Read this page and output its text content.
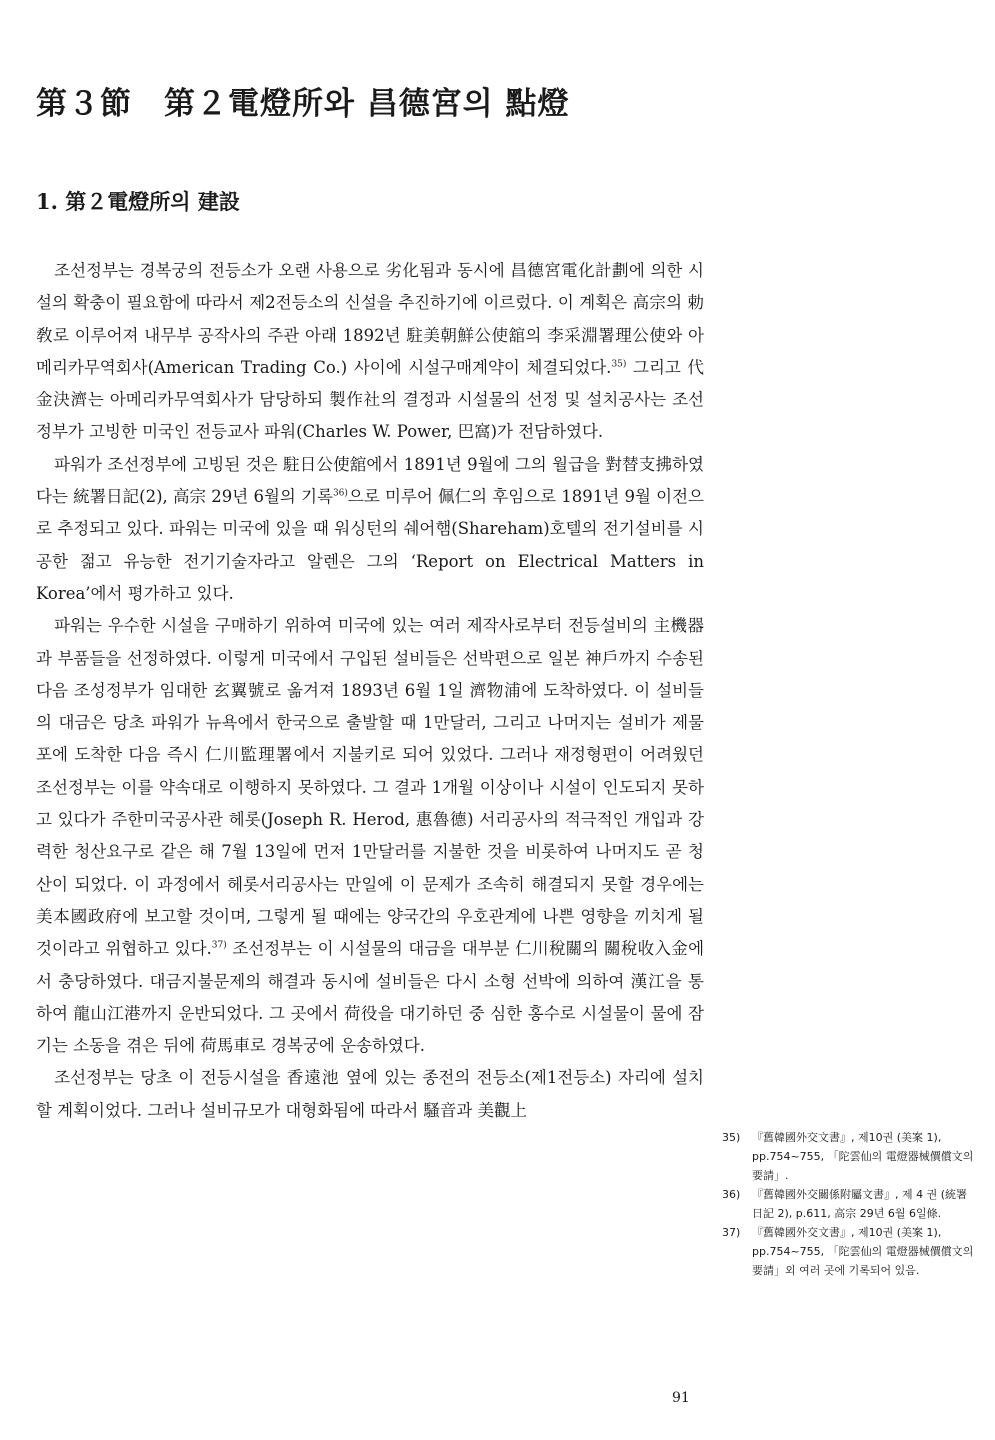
第３節　第２電燈所와 昌德宮의 點燈
1. 第２電燈所의 建設

조선정부는 경복궁의 전등소가 오랜 사용으로 劣化됨과 동시에 昌德宮電化計劃에 의한 시설의 확충이 필요함에 따라서 제2전등소의 신설을 추진하기에 이르렀다. 이 계획은 高宗의 勅敎로 이루어져 내무부 공작사의 주관 아래 1892년 駐美朝鮮公使舘의 李采淵署理公使와 아메리카무역회사(American Trading Co.) 사이에 시설구매계약이 체결되었다.$^{35)}$ 그리고 代金決濟는 아메리카무역회사가 담당하되 製作社의 결정과 시설물의 선정 및 설치공사는 조선정부가 고빙한 미국인 전등교사 파워(Charles W. Power, 巴窩)가 전담하였다.

파워가 조선정부에 고빙된 것은 駐日公使舘에서 1891년 9월에 그의 월급을 對替支拂하였다는 統署日記(2), 高宗 29년 6월의 기록$^{36)}$으로 미루어 佩仁의 후임으로 1891년 9월 이전으로 추정되고 있다. 파워는 미국에 있을 때 워싱턴의 쉐어햄(Shareham)호텔의 전기설비를 시공한 젊고 유능한 전기기술자라고 알렌은 그의 ‘Report on Electrical Matters in Korea’에서 평가하고 있다.

파워는 우수한 시설을 구매하기 위하여 미국에 있는 여러 제작사로부터 전등설비의 主機器과 부품들을 선정하였다. 이렇게 미국에서 구입된 설비들은 선박편으로 일본 神戶까지 수송된 다음 조성정부가 임대한 玄翼號로 옮겨져 1893년 6월 1일 濟物浦에 도착하였다. 이 설비들의 대금은 당초 파워가 뉴욕에서 한국으로 출발할 때 1만달러, 그리고 나머지는 설비가 제물포에 도착한 다음 즉시 仁川監理署에서 지불키로 되어 있었다. 그러나 재정형편이 어려웠던 조선정부는 이를 약속대로 이행하지 못하였다. 그 결과 1개월 이상이나 시설이 인도되지 못하고 있다가 주한미국공사관 헤롯(Joseph R. Herod, 惠魯德) 서리공사의 적극적인 개입과 강력한 청산요구로 같은 해 7월 13일에 먼저 1만달러를 지불한 것을 비롯하여 나머지도 곧 청산이 되었다. 이 과정에서 헤롯서리공사는 만일에 이 문제가 조속히 해결되지 못할 경우에는 美本國政府에 보고할 것이며, 그렇게 될 때에는 양국간의 우호관계에 나쁜 영향을 끼치게 될 것이라고 위협하고 있다.$^{37)}$ 조선정부는 이 시설물의 대금을 대부분 仁川稅關의 關稅收入金에서 충당하였다. 대금지불문제의 해결과 동시에 설비들은 다시 소형 선박에 의하여 漢江을 통하여 龍山江港까지 운반되었다. 그 곳에서 荷役을 대기하던 중 심한 홍수로 시설물이 물에 잠기는 소동을 겪은 뒤에 荷馬車로 경복궁에 운송하였다.

조선정부는 당초 이 전등시설을 香遠池 옆에 있는 종전의 전등소(제1전등소) 자리에 설치할 계획이었다. 그러나 설비규모가 대형화됨에 따라서 騷音과 美觀上

35)	『舊韓國外交文書』, 제10권 (美案 1), pp.754~755, 「陀雲仙의 電燈器械價償文의 要請」.
36)	『舊韓國外交關係附屬文書』, 제 4 권 (統署日記 2), p.611, 高宗 29년 6월 6일條.
37)	『舊韓國外交文書』, 제10권 (美案 1), pp.754~755, 「陀雲仙의 電燈器械價償文의 要請」외 여러 곳에 기록되어 있음.
91
